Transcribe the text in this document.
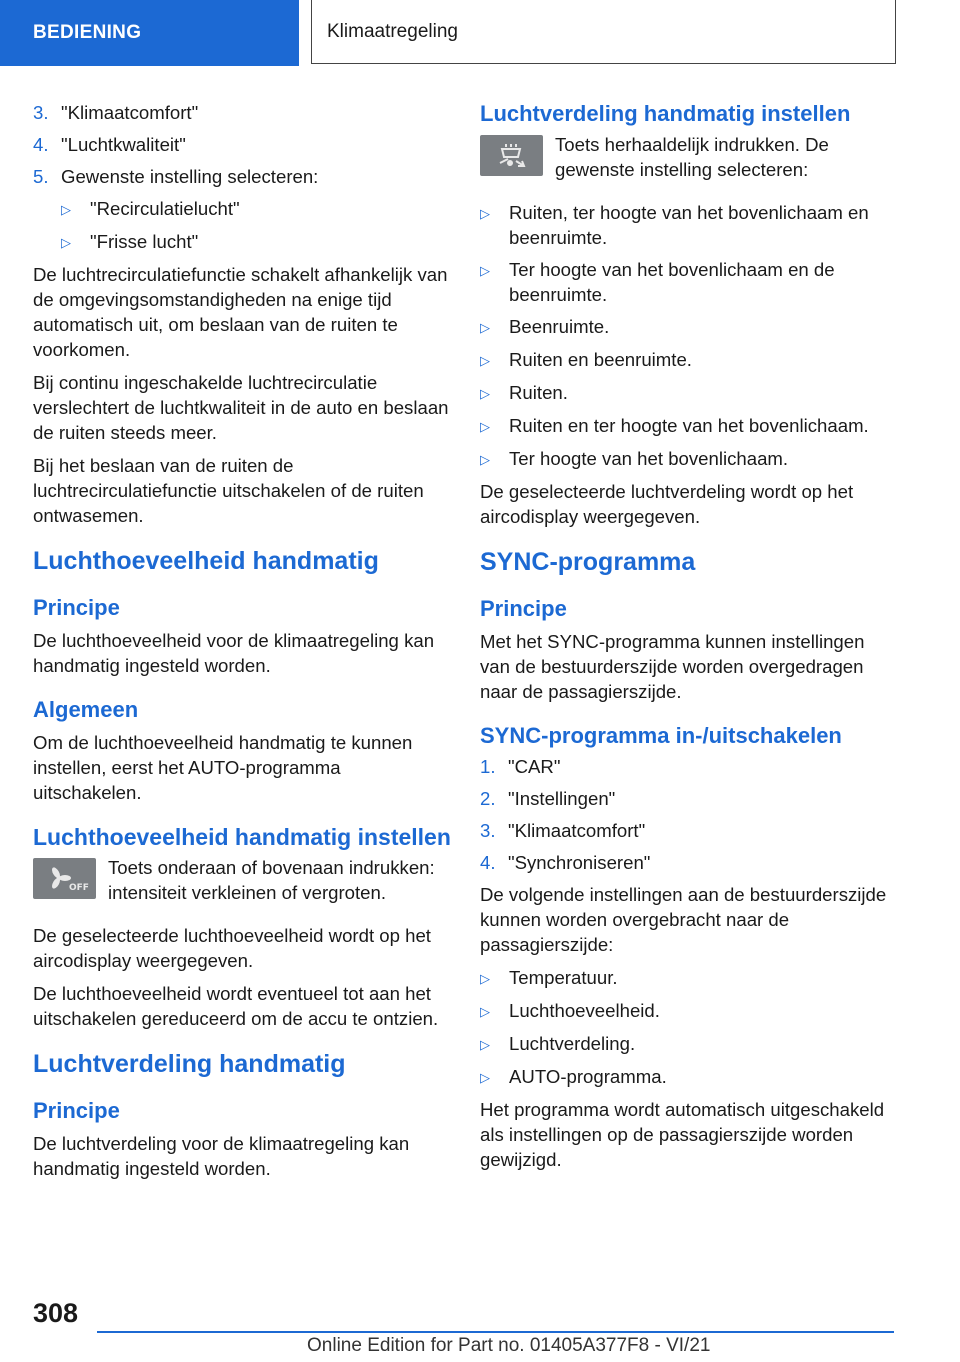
BEDIENING	Klimaatregeling
3. "Klimaatcomfort"
4. "Luchtkwaliteit"
5. Gewenste instelling selecteren:
▷	"Recirculatielucht"
▷	"Frisse lucht"

De luchtrecirculatiefunctie schakelt afhankelijk van de omgevingsomstandigheden na enige tijd automatisch uit, om beslaan van de ruiten te voorkomen.

Bij continu ingeschakelde luchtrecirculatie verslechtert de luchtkwaliteit in de auto en beslaan de ruiten steeds meer.

Bij het beslaan van de ruiten de luchtrecirculatiefunctie uitschakelen of de ruiten ontwasemen.

Luchthoeveelheid handmatig
Principe

De luchthoeveelheid voor de klimaatregeling kan handmatig ingesteld worden.

Algemeen

Om de luchthoeveelheid handmatig te kunnen instellen, eerst het AUTO-programma uitschakelen.

Luchthoeveelheid handmatig instellen
OFF
Toets onderaan of bovenaan indrukken: intensiteit verkleinen of vergroten.

De geselecteerde luchthoeveelheid wordt op het aircodisplay weergegeven.

De luchthoeveelheid wordt eventueel tot aan het uitschakelen gereduceerd om de accu te ontzien.

Luchtverdeling handmatig
Principe

De luchtverdeling voor de klimaatregeling kan handmatig ingesteld worden.

Luchtverdeling handmatig instellen
Toets herhaaldelijk indrukken. De gewenste instelling selecteren:
▷	Ruiten, ter hoogte van het bovenlichaam en beenruimte.
▷	Ter hoogte van het bovenlichaam en de beenruimte.
▷	Beenruimte.
▷	Ruiten en beenruimte.
▷	Ruiten.
▷	Ruiten en ter hoogte van het bovenlichaam.
▷	Ter hoogte van het bovenlichaam.

De geselecteerde luchtverdeling wordt op het aircodisplay weergegeven.

SYNC-programma
Principe

Met het SYNC-programma kunnen instellingen van de bestuurderszijde worden overgedragen naar de passagierszijde.

SYNC-programma in-/uitschakelen
1. "CAR"
2. "Instellingen"
3. "Klimaatcomfort"
4. "Synchroniseren"

De volgende instellingen aan de bestuurderszijde kunnen worden overgebracht naar de passagierszijde:

▷	Temperatuur.
▷	Luchthoeveelheid.
▷	Luchtverdeling.
▷	AUTO-programma.

Het programma wordt automatisch uitgeschakeld als instellingen op de passagierszijde worden gewijzigd.

308
Online Edition for Part no. 01405A377F8 - VI/21
